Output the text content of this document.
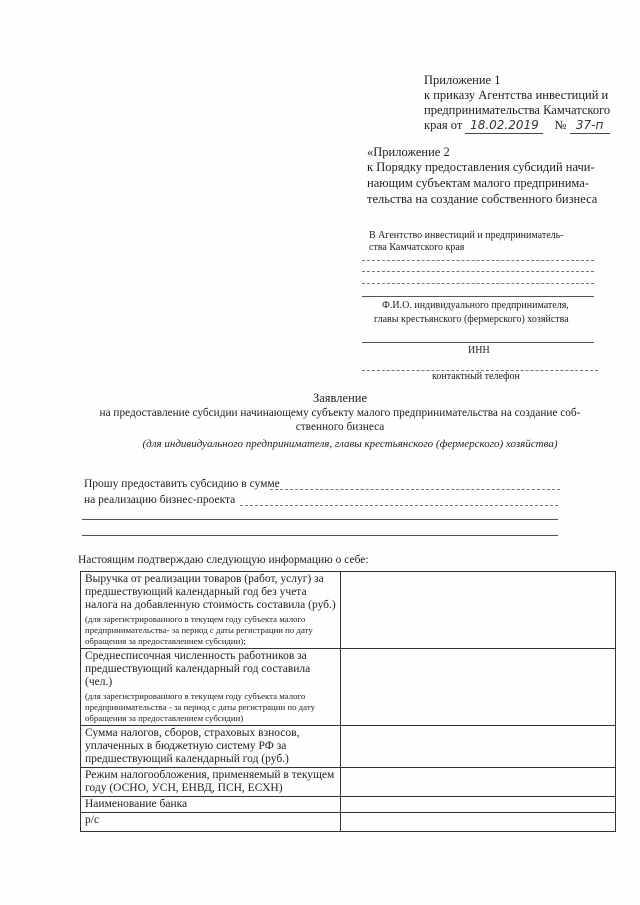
Приложение 1
к приказу Агентства инвестиций и
предпринимательства Камчатского
края от 18.02.2019 № 37-п
«Приложение 2
к Порядку предоставления субсидий начи-
нающим субъектам малого предпринима-
тельства на создание собственного бизнеса
В Агентство инвестиций и предприниматель-
ства Камчатского края
Ф.И.О. индивидуального предпринимателя,
главы крестьянского (фермерского) хозяйства
ИНН
контактный телефон
Заявление
на предоставление субсидии начинающему субъекту малого предпринимательства на создание соб-
ственного бизнеса
(для индивидуального предпринимателя, главы крестьянского (фермерского) хозяйства)
Прошу предоставить субсидию в сумме
на реализацию бизнес-проекта
Настоящим подтверждаю следующую информацию о себе:
Выручка от реализации товаров (работ, услуг) за предшествующий календарный год без учета налога на добавленную стоимость составила (руб.)
(для зарегистрированного в текущем году субъекта малого предпринимательства- за период с даты регистрации по дату обращения за предоставлением субсидии);	

Среднесписочная численность работников за предшествующий календарный год составила (чел.)
(для зарегистрированного в текущем году субъекта малого предпринимательства - за период с даты регистрации по дату обращения за предоставлением субсидии)	

Сумма налогов, сборов, страховых взносов, уплаченных в бюджетную систему РФ за предшествующий календарный год (руб.)	

Режим налогообложения, применяемый в текущем году (ОСНО, УСН, ЕНВД, ПСН, ЕСХН)	

Наименование банка	

р/с	
